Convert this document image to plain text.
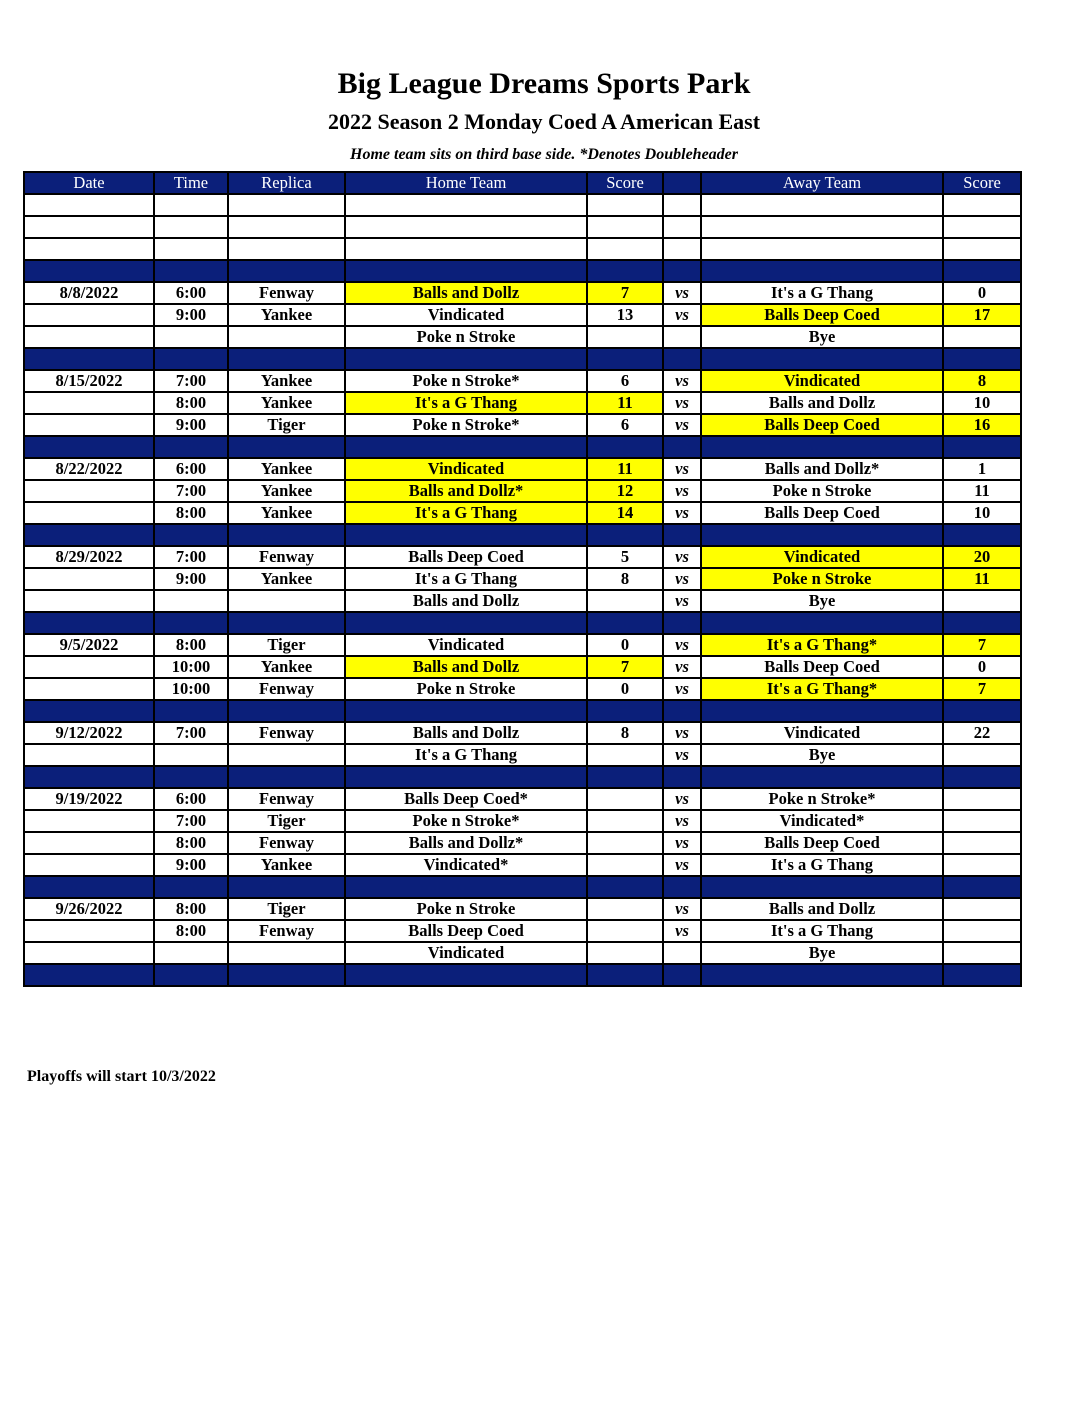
Big League Dreams Sports Park
2022 Season 2 Monday Coed A American East
Home team sits on third base side. *Denotes Doubleheader
Date	Time	Replica	Home Team	Score		Away Team	Score

8/8/2022	6:00	Fenway	Balls and Dollz	7	vs	It's a G Thang	0
	9:00	Yankee	Vindicated	13	vs	Balls Deep Coed	17
			Poke n Stroke			Bye	

8/15/2022	7:00	Yankee	Poke n Stroke*	6	vs	Vindicated	8
	8:00	Yankee	It's a G Thang	11	vs	Balls and Dollz	10
	9:00	Tiger	Poke n Stroke*	6	vs	Balls Deep Coed	16

8/22/2022	6:00	Yankee	Vindicated	11	vs	Balls and Dollz*	1
	7:00	Yankee	Balls and Dollz*	12	vs	Poke n Stroke	11
	8:00	Yankee	It's a G Thang	14	vs	Balls Deep Coed	10

8/29/2022	7:00	Fenway	Balls Deep Coed	5	vs	Vindicated	20
	9:00	Yankee	It's a G Thang	8	vs	Poke n Stroke	11
			Balls and Dollz		vs	Bye	

9/5/2022	8:00	Tiger	Vindicated	0	vs	It's a G Thang*	7
	10:00	Yankee	Balls and Dollz	7	vs	Balls Deep Coed	0
	10:00	Fenway	Poke n Stroke	0	vs	It's a G Thang*	7

9/12/2022	7:00	Fenway	Balls and Dollz	8	vs	Vindicated	22
			It's a G Thang		vs	Bye	

9/19/2022	6:00	Fenway	Balls Deep Coed*		vs	Poke n Stroke*	
	7:00	Tiger	Poke n Stroke*		vs	Vindicated*	
	8:00	Fenway	Balls and Dollz*		vs	Balls Deep Coed	
	9:00	Yankee	Vindicated*		vs	It's a G Thang	

9/26/2022	8:00	Tiger	Poke n Stroke		vs	Balls and Dollz	
	8:00	Fenway	Balls Deep Coed		vs	It's a G Thang	
			Vindicated			Bye	

Playoffs will start 10/3/2022
